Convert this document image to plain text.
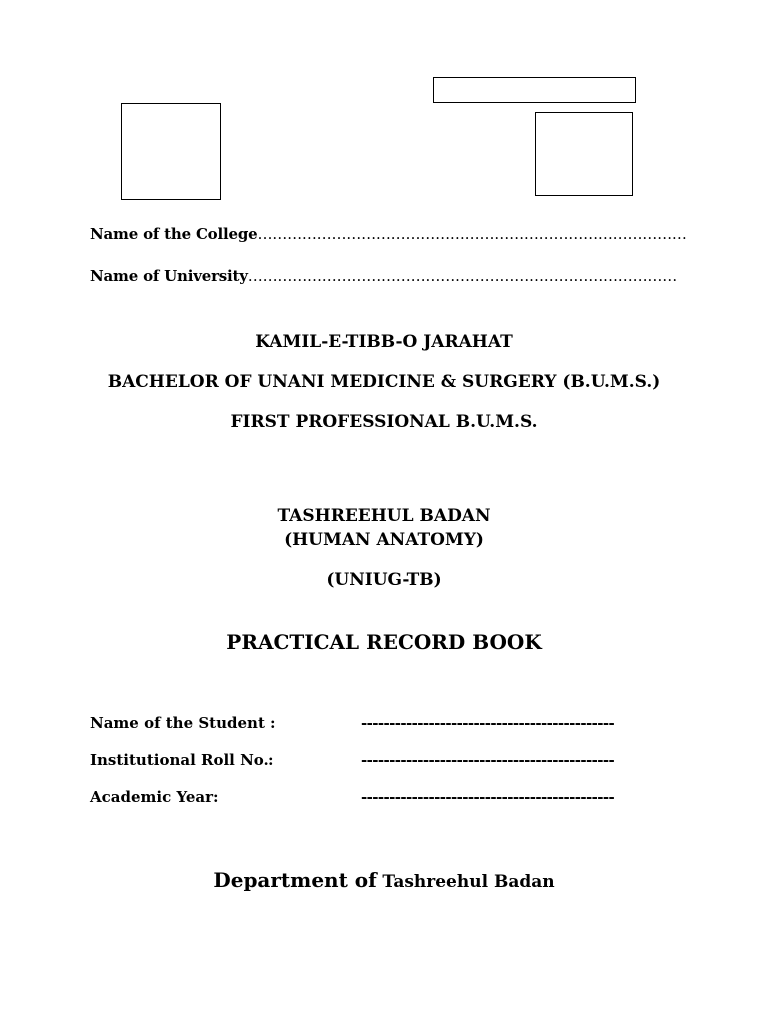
Name of the College……………………………………………………………………………
Name of University……………………………………………………………………………
KAMIL-E-TIBB-O JARAHAT
BACHELOR OF UNANI MEDICINE & SURGERY (B.U.M.S.)
FIRST PROFESSIONAL B.U.M.S.
TASHREEHUL BADAN
(HUMAN ANATOMY)
(UNIUG-TB)
PRACTICAL RECORD BOOK
Name of the Student :	---------------------------------------------
Institutional Roll No. :	---------------------------------------------
Academic Year:	---------------------------------------------
Department of Tashreehul Badan
